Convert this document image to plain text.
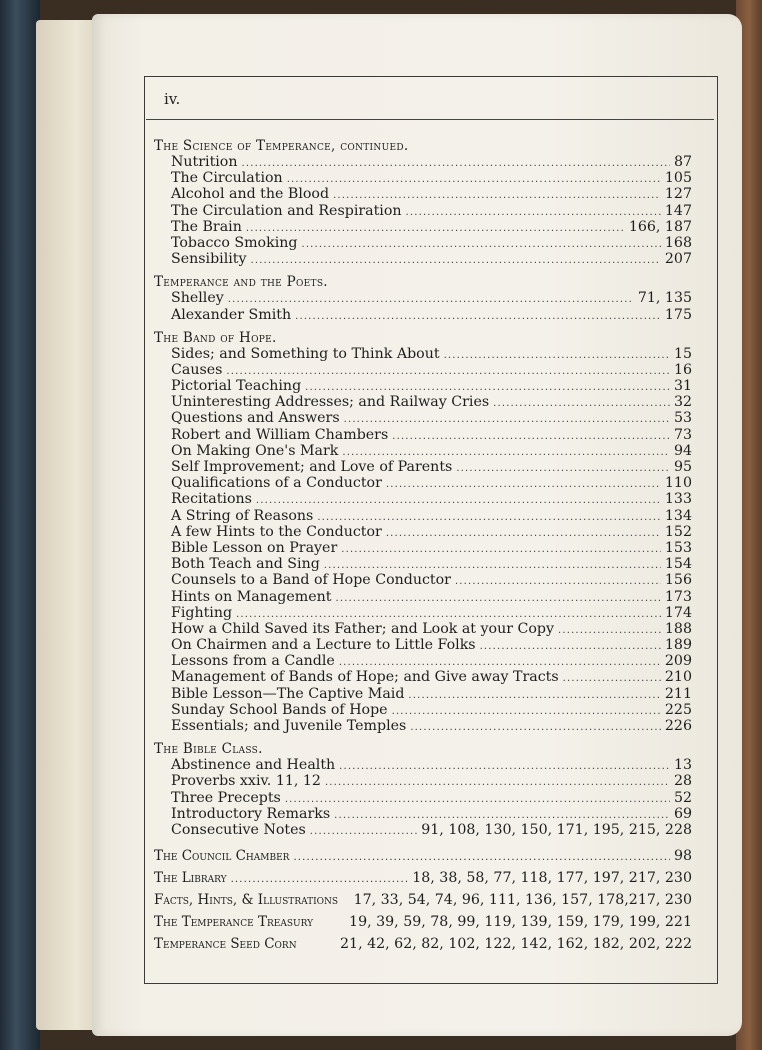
iv.
The Science of Temperance, continued.
Nutrition . . .	87
The Circulation . . .	105
Alcohol and the Blood . . .	127
The Circulation and Respiration . . .	147
The Brain . . .	166, 187
Tobacco Smoking . . .	168
Sensibility . . .	207
Temperance and the Poets.
Shelley . . .	71, 135
Alexander Smith . . .	175
The Band of Hope.
Sides; and Something to Think About . . .	15
Causes . . .	16
Pictorial Teaching . . .	31
Uninteresting Addresses; and Railway Cries . . .	32
Questions and Answers . . .	53
Robert and William Chambers . . .	73
On Making One's Mark . . .	94
Self Improvement; and Love of Parents . . .	95
Qualifications of a Conductor . . .	110
Recitations . . .	133
A String of Reasons . . .	134
A few Hints to the Conductor . . .	152
Bible Lesson on Prayer . . .	153
Both Teach and Sing . . .	154
Counsels to a Band of Hope Conductor . . .	156
Hints on Management . . .	173
Fighting . . .	174
How a Child Saved its Father; and Look at your Copy . . .	188
On Chairmen and a Lecture to Little Folks . . .	189
Lessons from a Candle . . .	209
Management of Bands of Hope; and Give away Tracts . . .	210
Bible Lesson—The Captive Maid . . .	211
Sunday School Bands of Hope . . .	225
Essentials; and Juvenile Temples . . .	226
The Bible Class.
Abstinence and Health . . .	13
Proverbs xxiv. 11, 12 . . .	28
Three Precepts . . .	52
Introductory Remarks . . .	69
Consecutive Notes . . .	91, 108, 130, 150, 171, 195, 215, 228
The Council Chamber . . .	98
The Library . . .	18, 38, 58, 77, 118, 177, 197, 217, 230
Facts, Hints, & Illustrations 17, 33, 54, 74, 96, 111, 136, 157, 178,217, 230
The Temperance Treasury	19, 39, 59, 78, 99, 119, 139, 159, 179, 199, 221
Temperance Seed Corn	21, 42, 62, 82, 102, 122, 142, 162, 182, 202, 222
